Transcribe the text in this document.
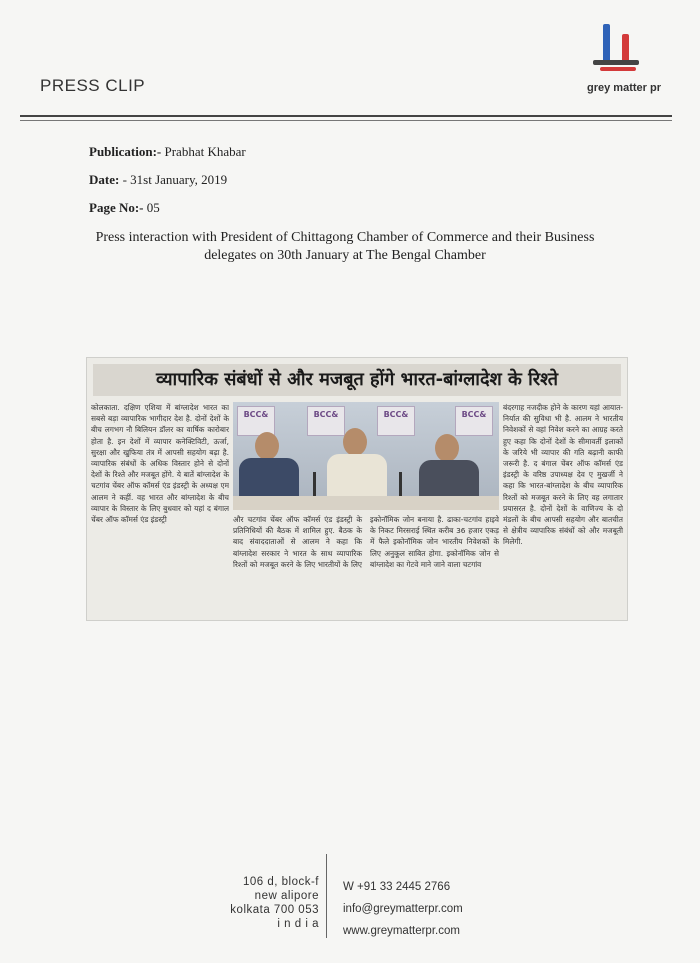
PRESS CLIP	grey matter pr
Publication:- Prabhat Khabar
Date: - 31st January, 2019
Page No:- 05
Press interaction with President of Chittagong Chamber of Commerce and their Business delegates on 30th January at The Bengal Chamber
व्यापारिक संबंधों से और मजबूत होंगे भारत-बांग्लादेश के रिश्ते
कोलकाता. दक्षिण एशिया में बांग्लादेश भारत का सबसे बड़ा व्यापारिक भागीदार देश है. दोनों देशों के बीच लगभग नौ बिलियन डॉलर का वार्षिक कारोबार होता है. इन देशों में व्यापार कनेक्टिविटी, ऊर्जा, सुरक्षा और खुफिया तंत्र में आपसी सहयोग बढ़ा है. व्यापारिक संबंधों के अधिक विस्तार होने से दोनों देशों के रिश्ते और मजबूत होंगे. ये बातें बांग्लादेश के चटगांव चेंबर ऑफ कॉमर्स एंड इंडस्ट्री के अध्यक्ष एम आलम ने कहीं. वह भारत और बांग्लादेश के बीच व्यापार के विस्तार के लिए बुधवार को यहां द बंगाल चेंबर ऑफ कॉमर्स एंड इंडस्ट्री
BCC&	BCC&	BCC&	BCC&
और चटगांव चेंबर ऑफ कॉमर्स एंड इंडस्ट्री के प्रतिनिधियों की बैठक में शामिल हुए. बैठक के बाद संवाददाताओं से आलम ने कहा कि बांग्लादेश सरकार ने भारत के साथ व्यापारिक रिश्तों को मजबूत करने के लिए भारतीयों के लिए इकोनॉमिक जोन बनाया है. ढाका-चटगांव हाइवे के निकट मिरसराई स्थित करीब 36 हजार एकड़ में फैले इकोनॉमिक जोन भारतीय निवेशकों के लिए अनुकूल साबित होगा. इकोनॉमिक जोन से बांग्लादेश का गेटवे माने जाने वाला चटगांव
बंदरगाह नजदीक होने के कारण यहां आयात-निर्यात की सुविधा भी है. आलम ने भारतीय निवेशकों से वहां निवेश करने का आग्रह करते हुए कहा कि दोनों देशों के सीमावर्ती इलाकों के जरिये भी व्यापार की गति बढ़ानी काफी जरूरी है. द बंगाल चेंबर ऑफ कॉमर्स एंड इंडस्ट्री के वरिष्ठ उपाध्यक्ष देव ए मुखर्जी ने कहा कि भारत-बांग्लादेश के बीच व्यापारिक रिश्तों को मजबूत करने के लिए वह लगातार प्रयासरत है. दोनों देशों के वाणिज्य के दो मंडलों के बीच आपसी सहयोग और बातचीत से क्षेत्रीय व्यापारिक संबंधों को और मजबूती मिलेगी.
106 d, block-f
new alipore
kolkata 700 053
i n d i a
W +91 33 2445 2766
info@greymatterpr.com
www.greymatterpr.com
